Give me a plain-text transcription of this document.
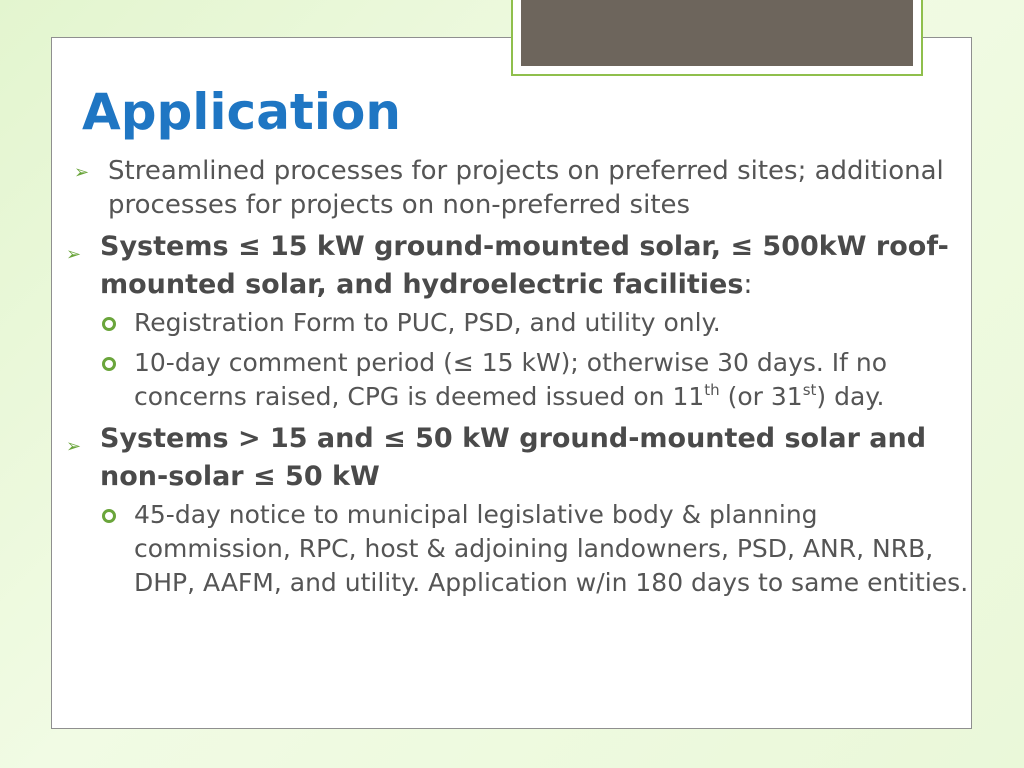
Application
➢ Streamlined processes for projects on preferred sites; additional processes for projects on non-preferred sites
➢ Systems ≤ 15 kW ground-mounted solar, ≤ 500kW roof-mounted solar, and hydroelectric facilities:
Registration Form to PUC, PSD, and utility only.
10-day comment period (≤ 15 kW); otherwise 30 days. If no concerns raised, CPG is deemed issued on 11th (or 31st) day.
➢ Systems > 15 and ≤ 50 kW ground-mounted solar and non-solar ≤ 50 kW
45-day notice to municipal legislative body & planning commission, RPC, host & adjoining landowners, PSD, ANR, NRB, DHP, AAFM, and utility. Application w/in 180 days to same entities.
